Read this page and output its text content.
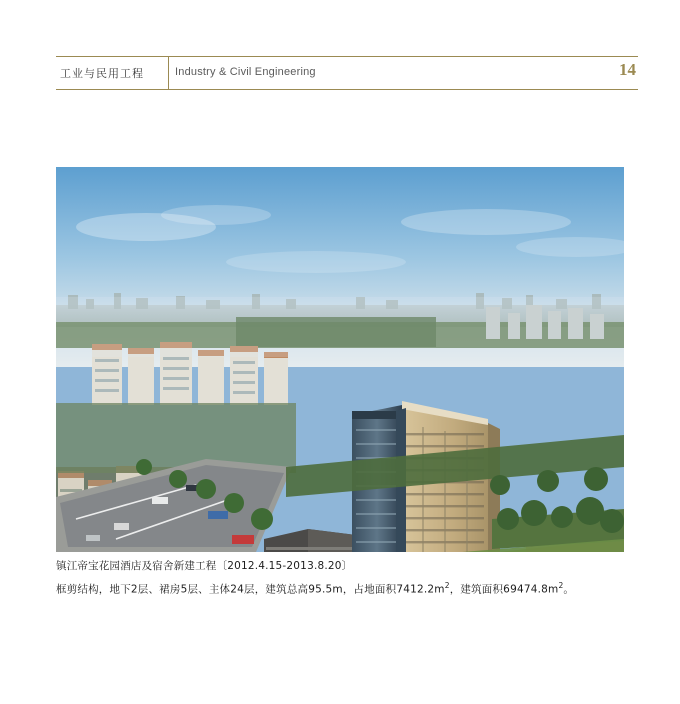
工业与民用工程	Industry & Civil Engineering	14
镇江帝宝花园酒店及宿舍新建工程〔2012.4.15-2013.8.20〕
框剪结构，地下2层、裙房5层、主体24层，建筑总高95.5m，占地面积$7412.2m^2$，建筑面积$69474.8m^2$。
